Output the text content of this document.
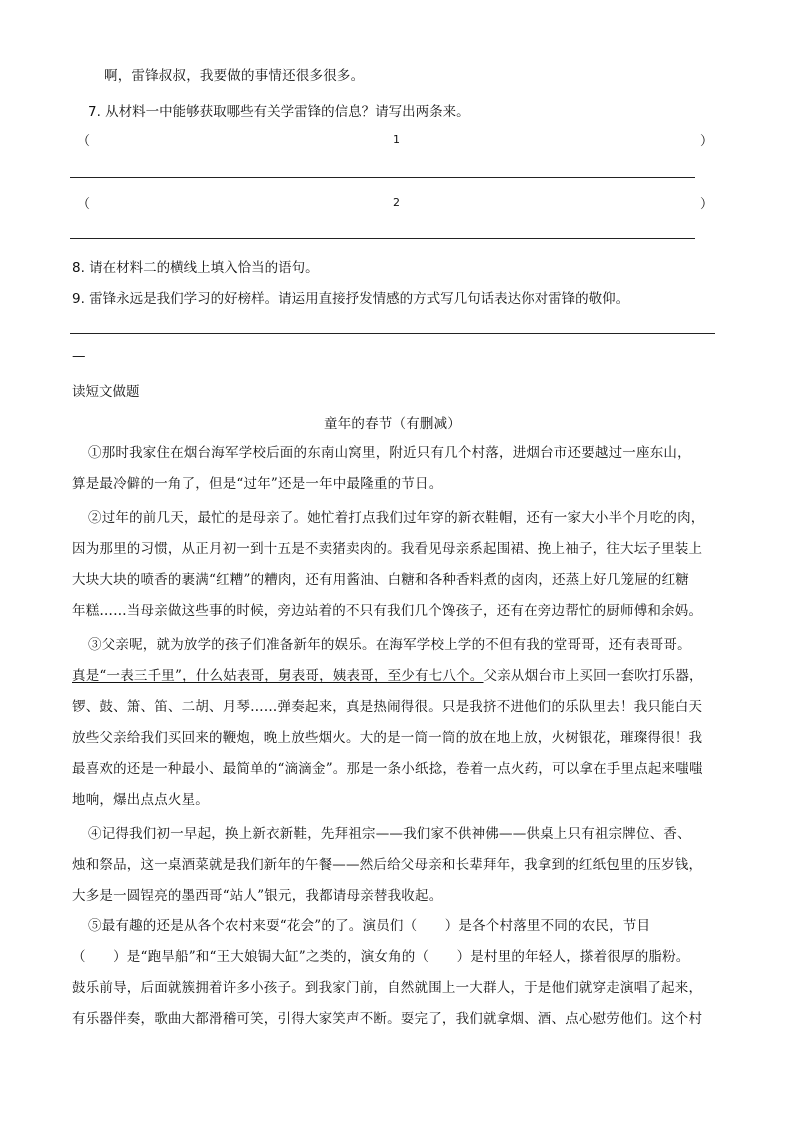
啊，雷锋叔叔，我要做的事情还很多很多。
7. 从材料一中能够获取哪些有关学雷锋的信息？请写出两条来。
（	1	）
（	2	）
8. 请在材料二的横线上填入恰当的语句。
9. 雷锋永远是我们学习的好榜样。请运用直接抒发情感的方式写几句话表达你对雷锋的敬仰。
—
读短文做题
童年的春节（有删减）
①那时我家住在烟台海军学校后面的东南山窝里，附近只有几个村落，进烟台市还要越过一座东山，
算是最冷僻的一角了，但是“过年”还是一年中最隆重的节日。
②过年的前几天，最忙的是母亲了。她忙着打点我们过年穿的新衣鞋帽，还有一家大小半个月吃的肉，
因为那里的习惯，从正月初一到十五是不卖猪卖肉的。我看见母亲系起围裙、挽上袖子，往大坛子里装上
大块大块的喷香的裹满“红糟”的糟肉，还有用酱油、白糖和各种香料煮的卤肉，还蒸上好几笼屉的红糖
年糕……当母亲做这些事的时候，旁边站着的不只有我们几个馋孩子，还有在旁边帮忙的厨师傅和余妈。
③父亲呢，就为放学的孩子们准备新年的娱乐。在海军学校上学的不但有我的堂哥哥，还有表哥哥。
真是“一表三千里”，什么姑表哥，舅表哥，姨表哥，至少有七八个。父亲从烟台市上买回一套吹打乐器，
锣、鼓、箫、笛、二胡、月琴……弹奏起来，真是热闹得很。只是我挤不进他们的乐队里去！我只能白天
放些父亲给我们买回来的鞭炮，晚上放些烟火。大的是一筒一筒的放在地上放，火树银花，璀璨得很！我
最喜欢的还是一种最小、最简单的“滴滴金”。那是一条小纸捻，卷着一点火药，可以拿在手里点起来嗤嗤
地响，爆出点点火星。
④记得我们初一早起，换上新衣新鞋，先拜祖宗——我们家不供神佛——供桌上只有祖宗牌位、香、
烛和祭品，这一桌酒菜就是我们新年的午餐——然后给父母亲和长辈拜年，我拿到的红纸包里的压岁钱，
大多是一圆锃亮的墨西哥“站人”银元，我都请母亲替我收起。
⑤最有趣的还是从各个农村来耍“花会”的了。演员们（　　）是各个村落里不同的农民，节目
（　　）是“跑旱船”和“王大娘锔大缸”之类的，演女角的（　　）是村里的年轻人，搽着很厚的脂粉。
鼓乐前导，后面就簇拥着许多小孩子。到我家门前，自然就围上一大群人，于是他们就穿走演唱了起来，
有乐器伴奏，歌曲大都滑稽可笑，引得大家笑声不断。耍完了，我们就拿烟、酒、点心慰劳他们。这个村
